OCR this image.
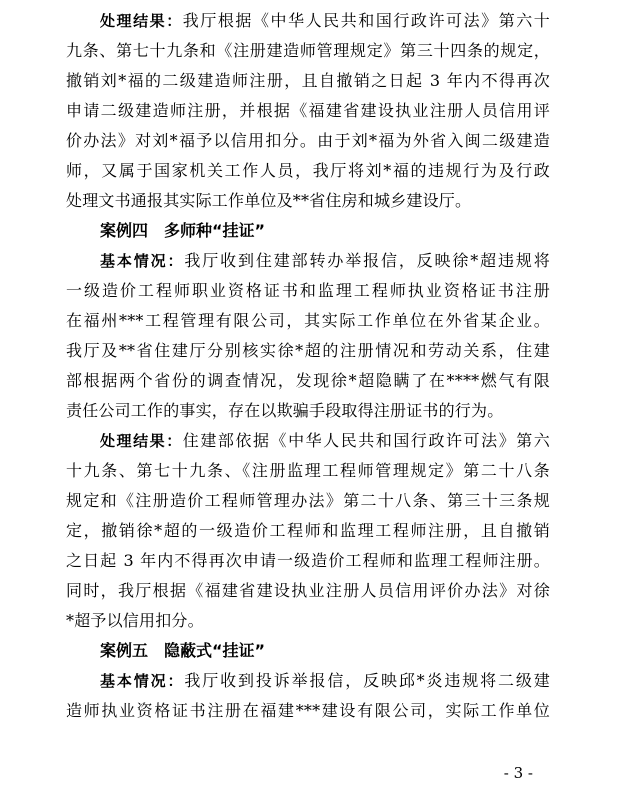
处理结果：我厅根据《中华人民共和国行政许可法》第六十
九条、第七十九条和《注册建造师管理规定》第三十四条的规定，
撤销刘*福的二级建造师注册，且自撤销之日起 3 年内不得再次
申请二级建造师注册，并根据《福建省建设执业注册人员信用评
价办法》对刘*福予以信用扣分。由于刘*福为外省入闽二级建造
师，又属于国家机关工作人员，我厅将刘*福的违规行为及行政
处理文书通报其实际工作单位及**省住房和城乡建设厅。
案例四 多师种“挂证”
基本情况：我厅收到住建部转办举报信，反映徐*超违规将
一级造价工程师职业资格证书和监理工程师执业资格证书注册
在福州***工程管理有限公司，其实际工作单位在外省某企业。
我厅及**省住建厅分别核实徐*超的注册情况和劳动关系，住建
部根据两个省份的调查情况，发现徐*超隐瞒了在****燃气有限
责任公司工作的事实，存在以欺骗手段取得注册证书的行为。
处理结果：住建部依据《中华人民共和国行政许可法》第六
十九条、第七十九条、《注册监理工程师管理规定》第二十八条
规定和《注册造价工程师管理办法》第二十八条、第三十三条规
定，撤销徐*超的一级造价工程师和监理工程师注册，且自撤销
之日起 3 年内不得再次申请一级造价工程师和监理工程师注册。
同时，我厅根据《福建省建设执业注册人员信用评价办法》对徐
*超予以信用扣分。
案例五 隐蔽式“挂证”
基本情况：我厅收到投诉举报信，反映邱*炎违规将二级建
造师执业资格证书注册在福建***建设有限公司，实际工作单位
- 3 -
